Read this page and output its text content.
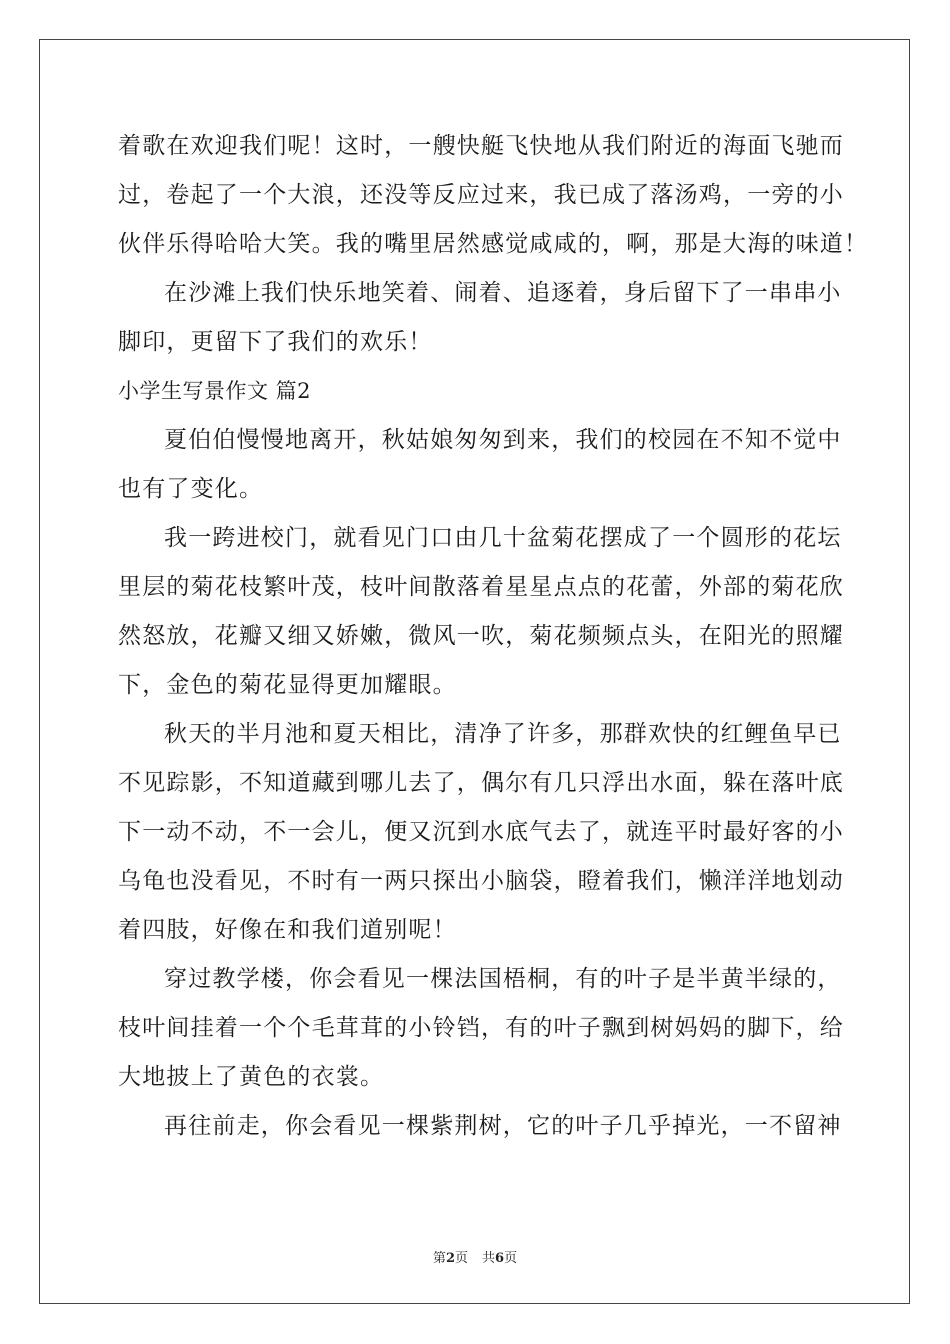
着歌在欢迎我们呢！这时，一艘快艇飞快地从我们附近的海面飞驰而
过，卷起了一个大浪，还没等反应过来，我已成了落汤鸡，一旁的小
伙伴乐得哈哈大笑。我的嘴里居然感觉咸咸的，啊，那是大海的味道！
在沙滩上我们快乐地笑着、闹着、追逐着，身后留下了一串串小
脚印，更留下了我们的欢乐！
小学生写景作文 篇2
夏伯伯慢慢地离开，秋姑娘匆匆到来，我们的校园在不知不觉中
也有了变化。
我一跨进校门，就看见门口由几十盆菊花摆成了一个圆形的花坛
里层的菊花枝繁叶茂，枝叶间散落着星星点点的花蕾，外部的菊花欣
然怒放，花瓣又细又娇嫩，微风一吹，菊花频频点头，在阳光的照耀
下，金色的菊花显得更加耀眼。
秋天的半月池和夏天相比，清净了许多，那群欢快的红鲤鱼早已
不见踪影，不知道藏到哪儿去了，偶尔有几只浮出水面，躲在落叶底
下一动不动，不一会儿，便又沉到水底气去了，就连平时最好客的小
乌龟也没看见，不时有一两只探出小脑袋，瞪着我们，懒洋洋地划动
着四肢，好像在和我们道别呢！
穿过教学楼，你会看见一棵法国梧桐，有的叶子是半黄半绿的，
枝叶间挂着一个个毛茸茸的小铃铛，有的叶子飘到树妈妈的脚下，给
大地披上了黄色的衣裳。
再往前走，你会看见一棵紫荆树，它的叶子几乎掉光，一不留神
第2页 共6页
